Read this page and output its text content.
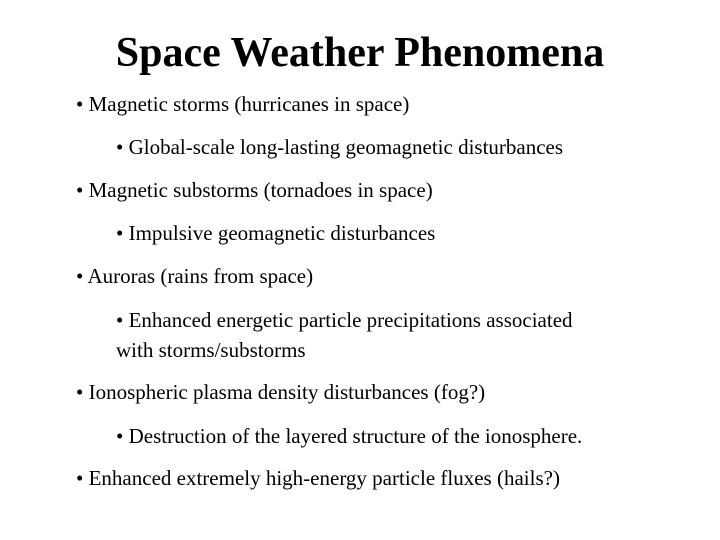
Space Weather Phenomena

• Magnetic storms (hurricanes in space)

• Global-scale long-lasting geomagnetic disturbances

• Magnetic substorms (tornadoes in space)

• Impulsive geomagnetic disturbances

• Auroras (rains from space)

• Enhanced energetic particle precipitations associated

with storms/substorms

• Ionospheric plasma density disturbances (fog?)

• Destruction of the layered structure of the ionosphere.

• Enhanced extremely high-energy particle fluxes (hails?)
